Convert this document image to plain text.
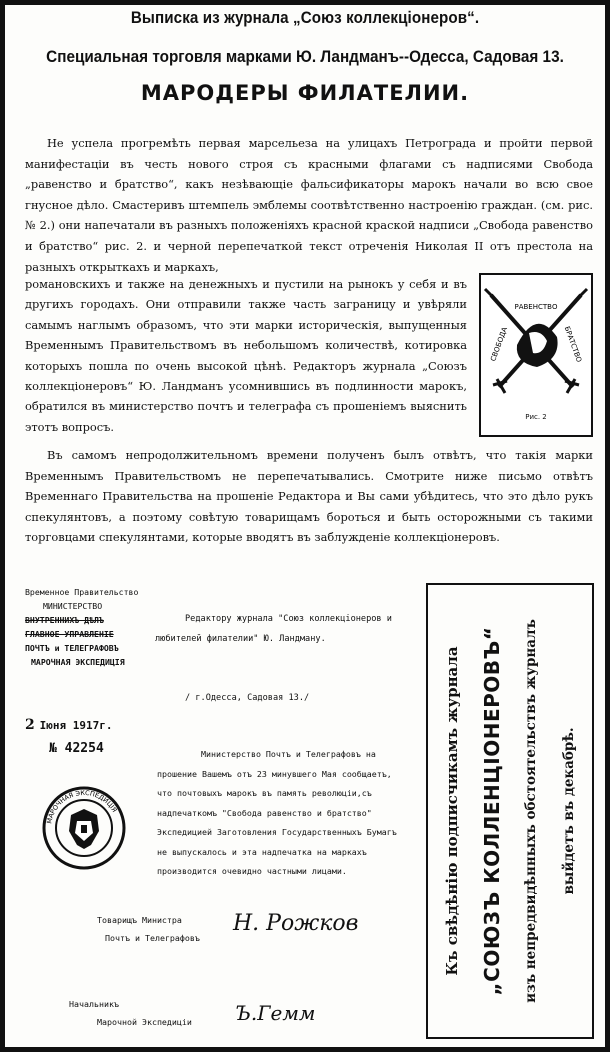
Выписка из журнала „Союз коллекціонеров“.
Специальная торговля марками Ю. Ландманъ--Одесса, Садовая 13.
МАРОДЕРЫ ФИЛАТЕЛИИ.

Не успела прогремѣть первая марсельеза на улицахъ Петрограда и пройти первой манифестаціи въ честь нового строя съ красными флагами съ надписями Свобода „равенство и братство“, какъ незѣвающіе фальсификаторы марокъ начали во всю свое гнусное дѣло. Смастеривъ штемпель эмблемы соотвѣтственно настроенію граждан. (см. рис. № 2.) они напечатали въ разныхъ положеніяхъ красной краской надписи „Свобода равенство и братство“ рис. 2. и черной перепечаткой текст отреченія Николая II отъ престола на разныхъ открыткахъ и маркахъ,

романовскихъ и также на денежныхъ и пустили на рынокъ у себя и въ другихъ городахъ. Они отправили также часть заграницу и увѣряли самымъ наглымъ образомъ, что эти марки историческія, выпущенныя Временнымъ Правительствомъ въ небольшомъ количествѣ, котировка которыхъ пошла по очень высокой цѣнѣ. Редакторъ журнала „Союзъ коллекціонеровъ“ Ю. Ландманъ усомнившись въ подлинности марокъ, обратился въ министерство почтъ и телеграфа съ прошеніемъ выяснить этотъ вопросъ.

РАВЕНСТВО
СВОБОДА	БРАТСТВО
Рис. 2

Въ самомъ непродолжительномъ времени полученъ былъ отвѣтъ, что такія марки Временнымъ Правительствомъ не перепечатывались. Смотрите ниже письмо отвѣтъ Временнаго Правительства на прошеніе Редактора и Вы сами убѣдитесь, что это дѣло рукъ спекулянтовъ, а поэтому совѣтую товарищамъ бороться и быть осторожными съ такими торговцами спекулянтами, которые вводятъ въ заблужденіе коллекціонеровъ.

Временное Правительство
МИНИСТЕРСТВО
ВНУТРЕННИХЪ ДѢЛЪ
ГЛАВНОЕ УПРАВЛЕНІЕ
ПОЧТЪ и ТЕЛЕГРАФОВЪ
МАРОЧНАЯ ЭКСПЕДИЦІЯ
2 Іюня 1917г.
№ 42254
Редактору журнала "Союз коллекціонеров и любителей филателии" Ю. Ландману.
/ г.Одесса, Садовая 13./

Министерство Почтъ и Телеграфовъ на прошение Вашемъ отъ 23 минувшего Мая сообщаетъ, что почтовыхъ марокъ въ память революціи,съ надпечаткомъ "Свобода равенство и братство" Экспедицией Заготовления Государственныхъ Бумагъ не выпускалось и эта надпечатка на маркахъ производится очевидно частными лицами.

МАРОЧНАЯ ЭКСПЕДИЦІЯ
Товарищъ Министра
Почтъ и Телеграфовъ
Н. Рожков
Начальникъ
Марочной Экспедиціи Ъ.Гемм
Къ свѣдѣнію подписчикамъ журнала „СОЮЗЪ КОЛЛЕНЦІОНЕРОВЪ“	изъ непредвидѣнныхъ обстоятельствъ журналъ выйдетъ въ декабрѣ.
